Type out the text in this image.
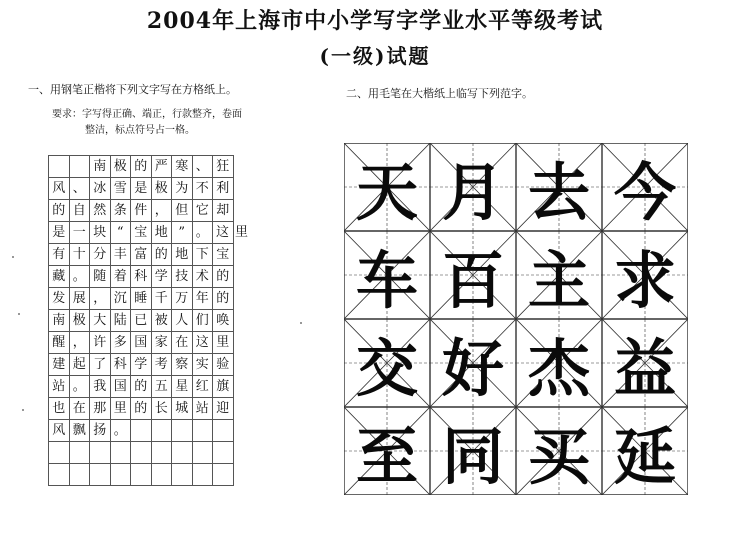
2004年上海市中小学写字学业水平等级考试
(一级)试题
一、用钢笔正楷将下列文字写在方格纸上。
要求：字写得正确、端正，行款整齐，卷面
整洁，标点符号占一格。
二、用毛笔在大楷纸上临写下列范字。
南 极 的 严 寒 、 狂
风 、 冰 雪 是 极 为 不 利
的 自 然 条 件 ， 但 它 却
是 一 块 “ 宝 地 ” 。 这 里
有 十 分 丰 富 的 地 下 宝
藏 。 随 着 科 学 技 术 的
发 展 ， 沉 睡 千 万 年 的
南 极 大 陆 已 被 人 们 唤
醒 ， 许 多 国 家 在 这 里
建 起 了 科 学 考 察 实 验
站 。 我 国 的 五 星 红 旗
也 在 那 里 的 长 城 站 迎
风 飘 扬 。
天 月 去 今
车 百 主 求
交 好 杰 益
至 同 买 延
